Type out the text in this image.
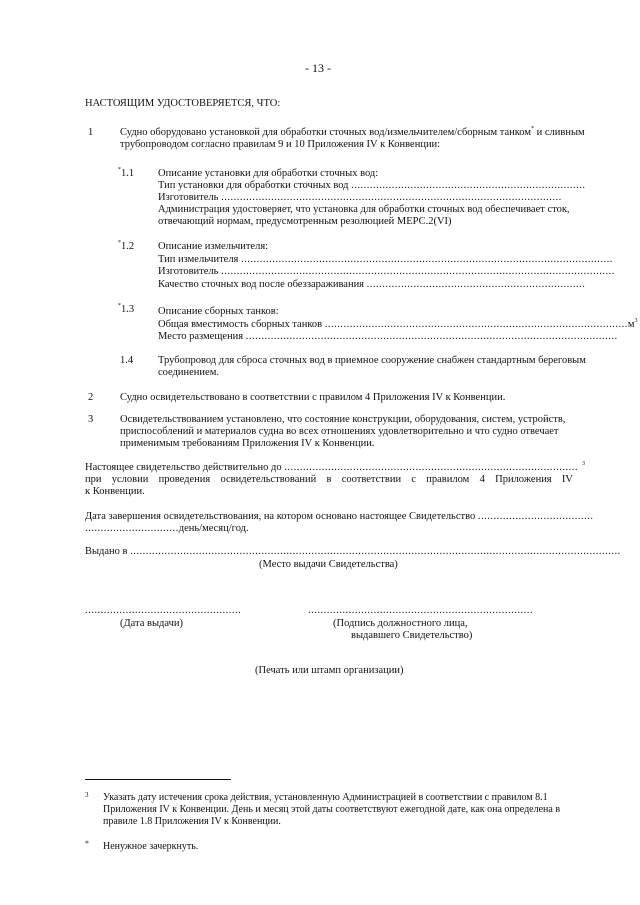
- 13 -
НАСТОЯЩИМ УДОСТОВЕРЯЕТСЯ, ЧТО:
1	Судно оборудовано установкой для обработки сточных вод/измельчителем/сборным танком* и сливным
трубопроводом согласно правилам 9 и 10 Приложения IV к Конвенции:
*1.1 Описание установки для обработки сточных вод:
Тип установки для обработки сточных вод ...........................................................................
Изготовитель .............................................................................................................
Администрация удостоверяет, что установка для обработки сточных вод обеспечивает сток,
отвечающий нормам, предусмотренным резолюцией МЕРС.2(VI)
*1.2 Описание измельчителя:
Тип измельчителя .......................................................................................................................
Изготовитель ..............................................................................................................................
Качество сточных вод после обеззараживания ......................................................................
*1.3 Описание сборных танков:
Общая вместимость сборных танков $.................................................................................................м^3$
Место размещения .......................................................................................................................
1.4 Трубопровод для сброса сточных вод в приемное сооружение снабжен стандартным береговым
соединением.
2	Судно освидетельствовано в соответствии с правилом 4 Приложения IV к Конвенции.
3	Освидетельствованием установлено, что состояние конструкции, оборудования, систем, устройств,
приспособлений и материалов судна во всех отношениях удовлетворительно и что судно отвечает
применимым требованиям Приложения IV к Конвенции.
Настоящее свидетельство действительно до .............................................................................................. $^3$
при условии проведения освидетельствований в соответствии с правилом 4 Приложения IV
к Конвенции.
Дата завершения освидетельствования, на котором основано настоящее Свидетельство .....................................
..............................день/месяц/год.
Выдано в .............................................................................................................................................................
(Место выдачи Свидетельства)
..................................................
(Дата выдачи)
........................................................................
(Подпись должностного лица,
выдавшего Свидетельство)
(Печать или штамп организации)
3 Указать дату истечения срока действия, установленную Администрацией в соответствии с правилом 8.1
Приложения IV к Конвенции. День и месяц этой даты соответствуют ежегодной дате, как она определена в
правиле 1.8 Приложения IV к Конвенции.
* Ненужное зачеркнуть.
